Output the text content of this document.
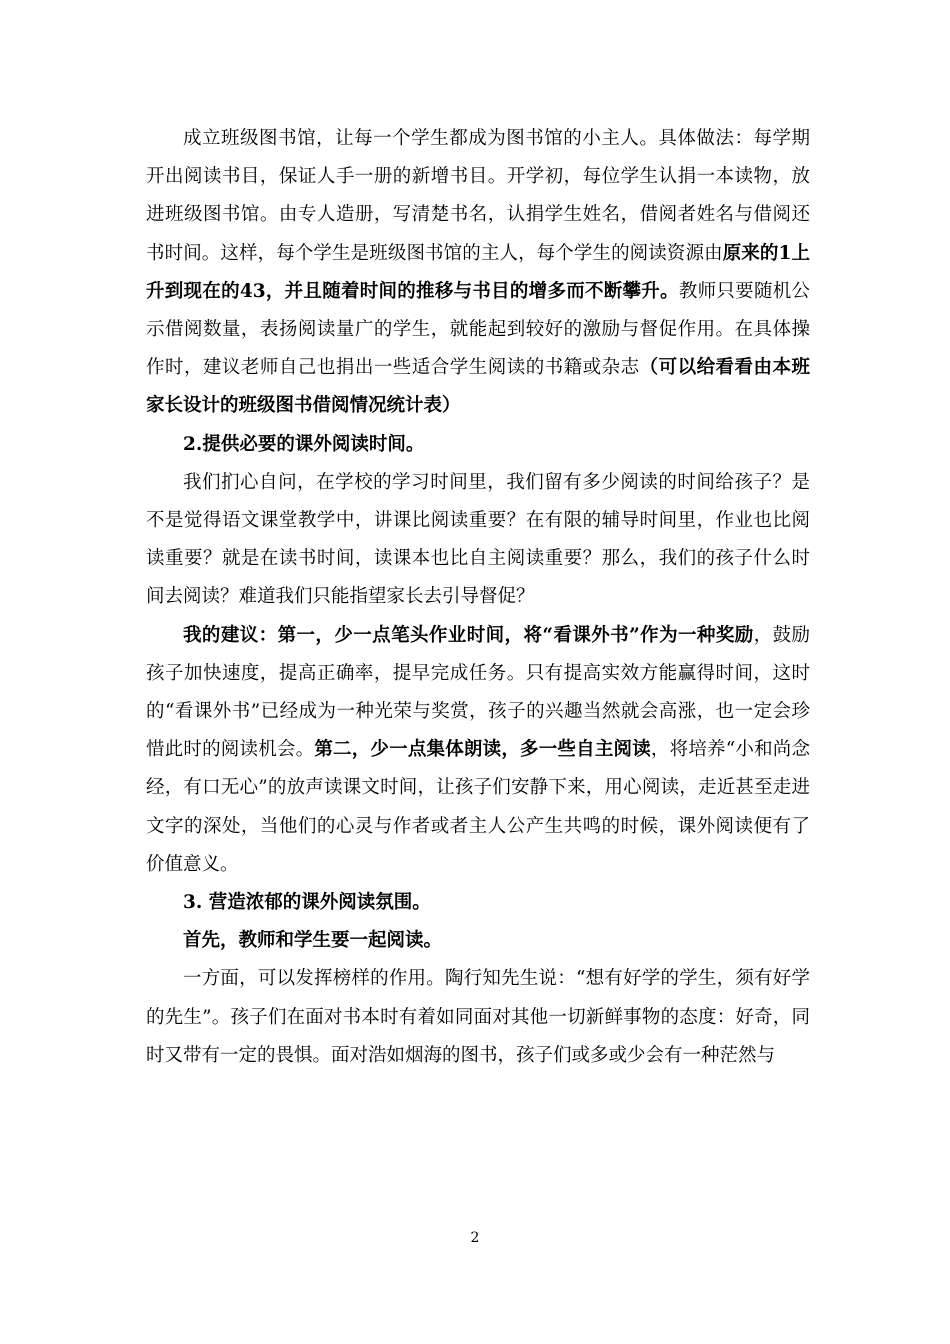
成立班级图书馆，让每一个学生都成为图书馆的小主人。具体做法：每学期开出阅读书目，保证人手一册的新增书目。开学初，每位学生认捐一本读物，放进班级图书馆。由专人造册，写清楚书名，认捐学生姓名，借阅者姓名与借阅还书时间。这样，每个学生是班级图书馆的主人，每个学生的阅读资源由原来的1上升到现在的43，并且随着时间的推移与书目的增多而不断攀升。教师只要随机公示借阅数量，表扬阅读量广的学生，就能起到较好的激励与督促作用。在具体操作时，建议老师自己也捐出一些适合学生阅读的书籍或杂志（可以给看看由本班家长设计的班级图书借阅情况统计表）

2.提供必要的课外阅读时间。

我们扪心自问，在学校的学习时间里，我们留有多少阅读的时间给孩子？是不是觉得语文课堂教学中，讲课比阅读重要？在有限的辅导时间里，作业也比阅读重要？就是在读书时间，读课本也比自主阅读重要？那么，我们的孩子什么时间去阅读？难道我们只能指望家长去引导督促？

我的建议：第一，少一点笔头作业时间，将“看课外书”作为一种奖励，鼓励孩子加快速度，提高正确率，提早完成任务。只有提高实效方能赢得时间，这时的“看课外书”已经成为一种光荣与奖赏，孩子的兴趣当然就会高涨，也一定会珍惜此时的阅读机会。第二，少一点集体朗读，多一些自主阅读，将培养“小和尚念经，有口无心”的放声读课文时间，让孩子们安静下来，用心阅读，走近甚至走进文字的深处，当他们的心灵与作者或者主人公产生共鸣的时候，课外阅读便有了价值意义。

3. 营造浓郁的课外阅读氛围。

首先，教师和学生要一起阅读。

一方面，可以发挥榜样的作用。陶行知先生说：“想有好学的学生，须有好学的先生”。孩子们在面对书本时有着如同面对其他一切新鲜事物的态度：好奇，同时又带有一定的畏惧。面对浩如烟海的图书，孩子们或多或少会有一种茫然与

2
